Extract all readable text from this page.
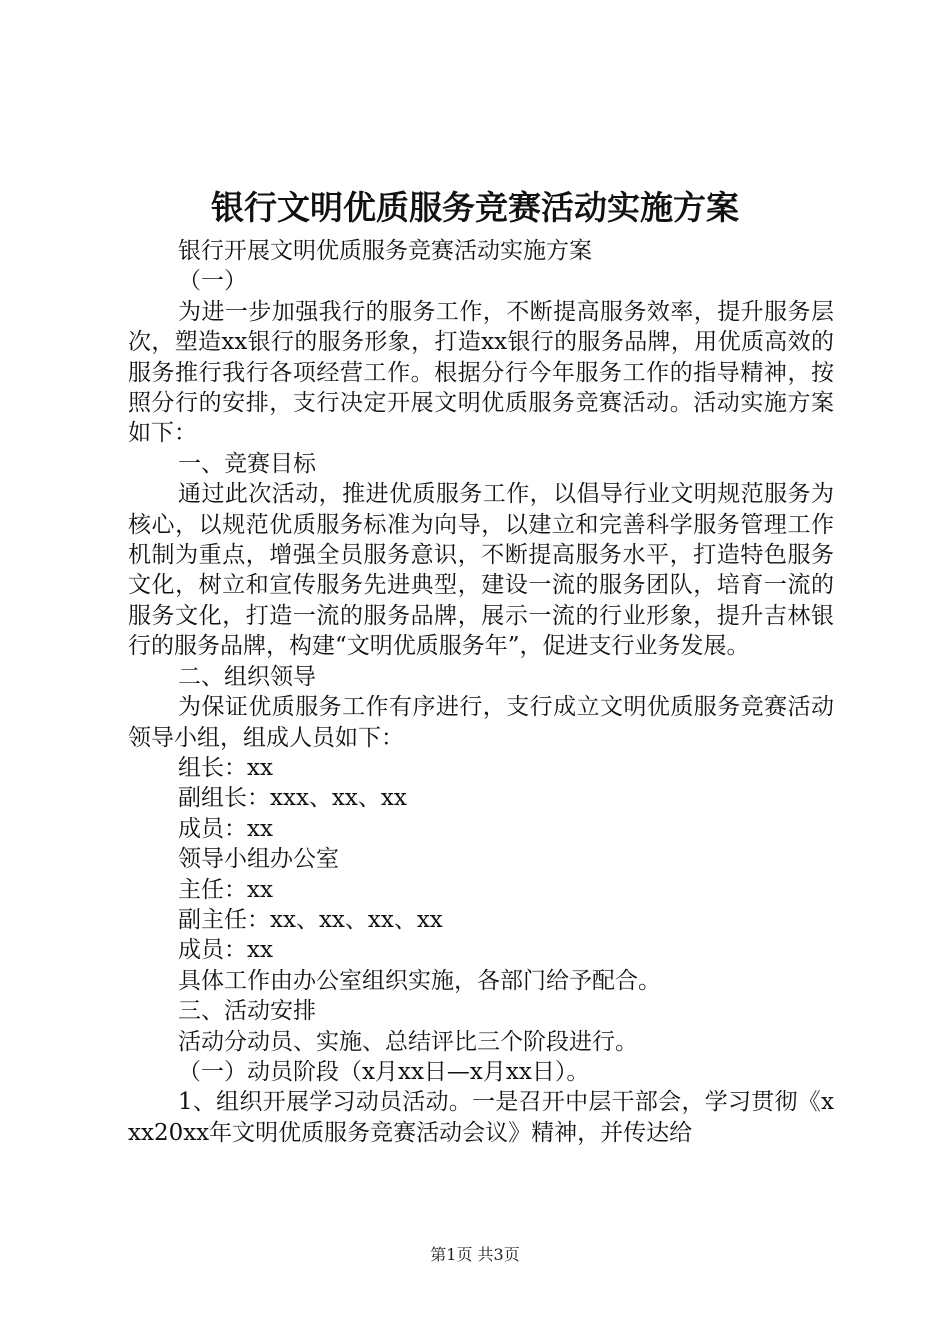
银行文明优质服务竞赛活动实施方案

银行开展文明优质服务竞赛活动实施方案

（一）

为进一步加强我行的服务工作，不断提高服务效率，提升服务层次，塑造xx银行的服务形象，打造xx银行的服务品牌，用优质高效的服务推行我行各项经营工作。根据分行今年服务工作的指导精神，按照分行的安排，支行决定开展文明优质服务竞赛活动。活动实施方案如下：

一、竞赛目标

通过此次活动，推进优质服务工作，以倡导行业文明规范服务为核心，以规范优质服务标准为向导，以建立和完善科学服务管理工作机制为重点，增强全员服务意识，不断提高服务水平，打造特色服务文化，树立和宣传服务先进典型，建设一流的服务团队，培育一流的服务文化，打造一流的服务品牌，展示一流的行业形象，提升吉林银行的服务品牌，构建“文明优质服务年”，促进支行业务发展。

二、组织领导

为保证优质服务工作有序进行，支行成立文明优质服务竞赛活动领导小组，组成人员如下：

组长：xx

副组长：xxx、xx、xx

成员：xx

领导小组办公室

主任：xx

副主任：xx、xx、xx、xx

成员：xx

具体工作由办公室组织实施，各部门给予配合。

三、活动安排

活动分动员、实施、总结评比三个阶段进行。

（一）动员阶段（x月xx日—x月xx日）。

1、组织开展学习动员活动。一是召开中层干部会，学习贯彻《xxx20xx年文明优质服务竞赛活动会议》精神，并传达给

第1页 共3页
